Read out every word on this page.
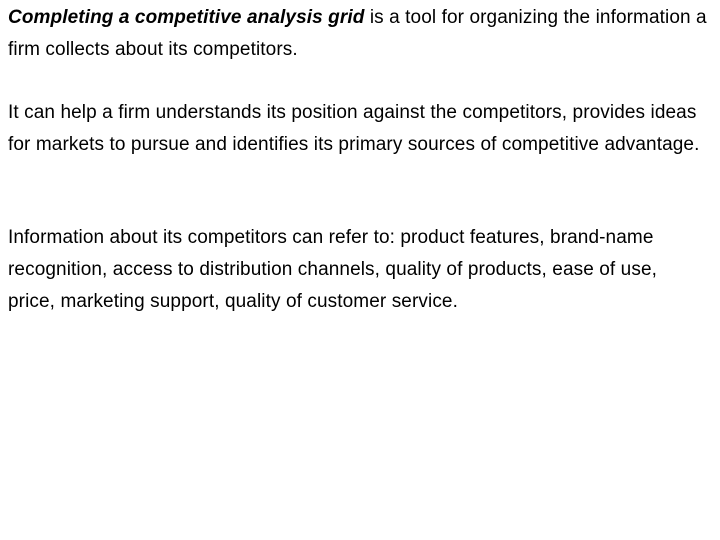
Completing a competitive analysis grid is a tool for organizing the information a firm collects about its competitors.

It can help a firm understands its position against the competitors, provides ideas for markets to pursue and identifies its primary sources of competitive advantage.

Information about its competitors can refer to: product features, brand-name recognition, access to distribution channels, quality of products, ease of use, price, marketing support, quality of customer service.
